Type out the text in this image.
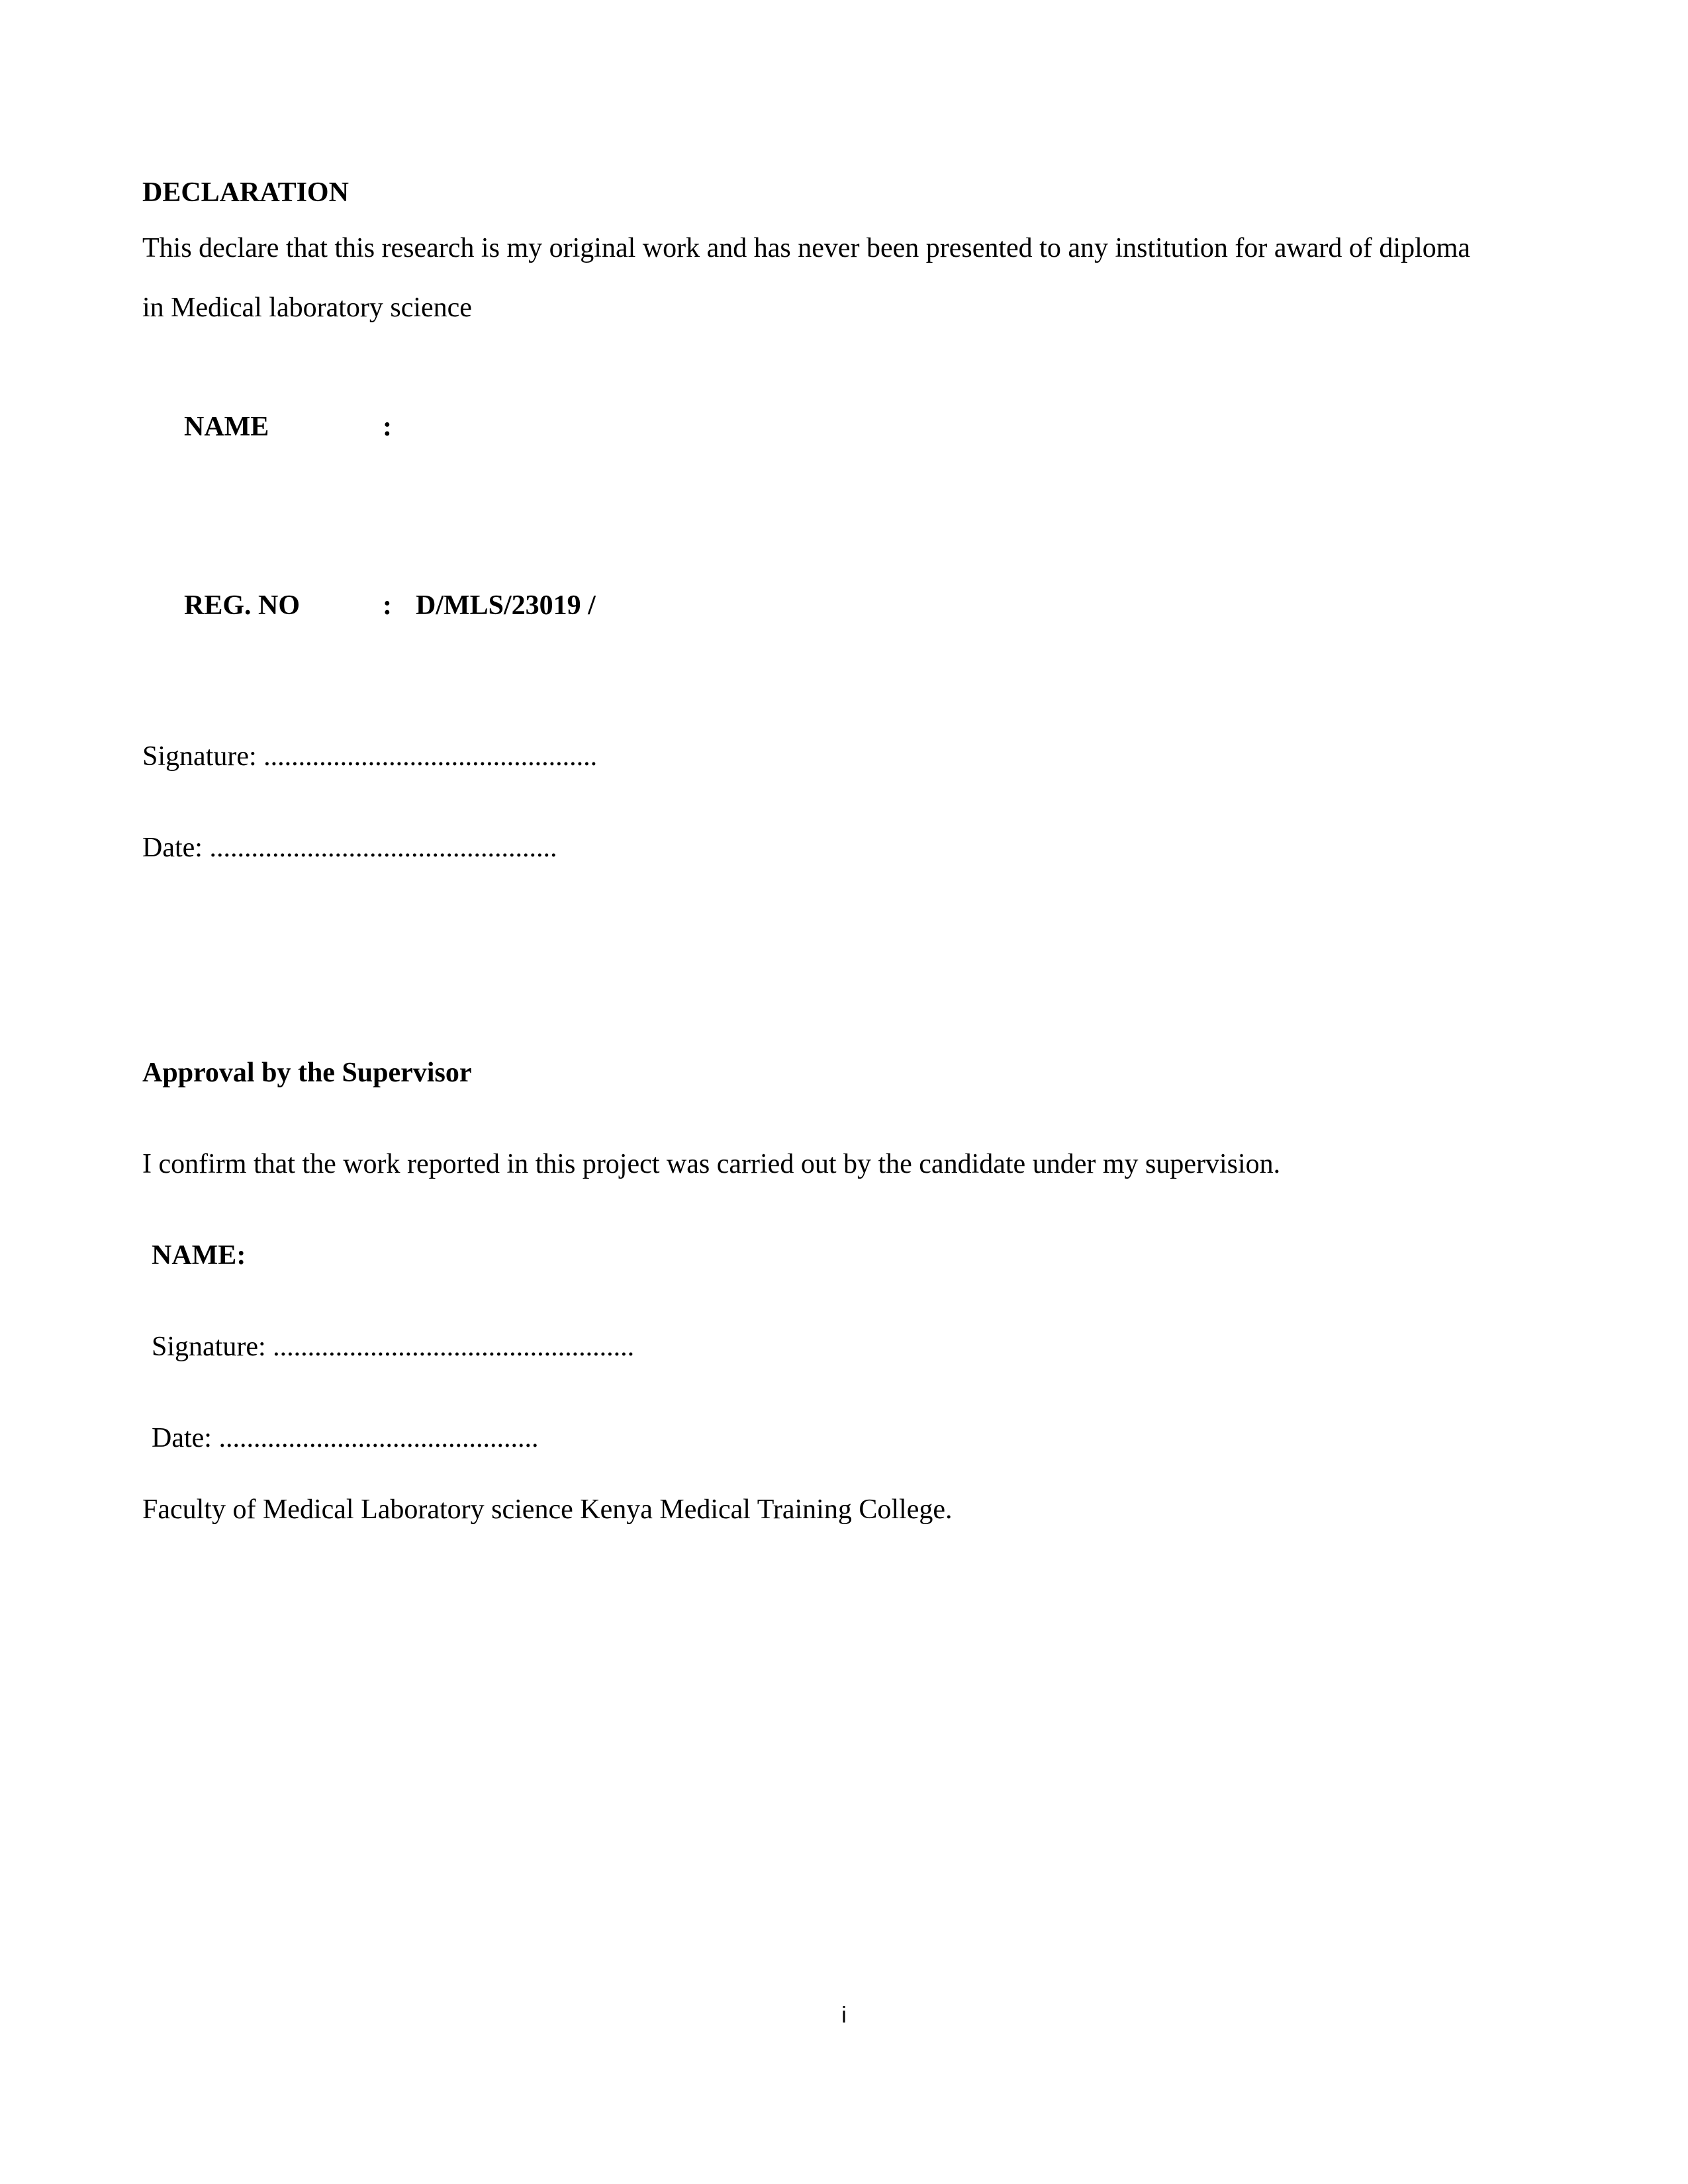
DECLARATION

This declare that this research is my original work and has never been presented to any institution for award of diploma in Medical laboratory science

NAME	:

REG. NO	: D/MLS/23019 /

Signature: ................................................

Date: ..................................................

Approval by the Supervisor

I confirm that the work reported in this project was carried out by the candidate under my supervision.

NAME:

Signature: ....................................................

Date: ..............................................

Faculty of Medical Laboratory science Kenya Medical Training College.

i
